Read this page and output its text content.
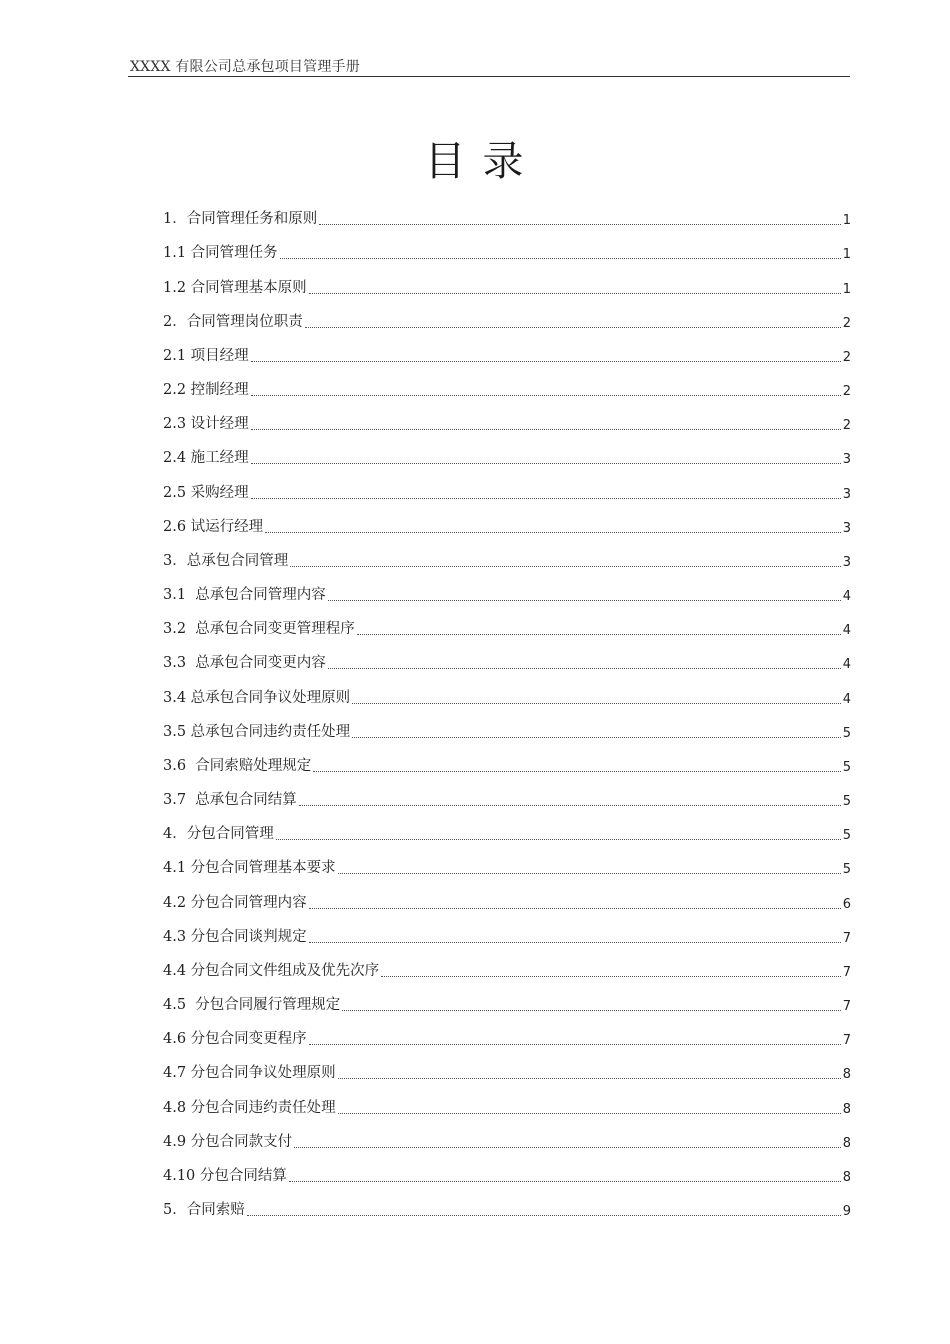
XXXX 有限公司总承包项目管理手册
目 录
1．合同管理任务和原则	1
1.1 合同管理任务	1
1.2 合同管理基本原则	1
2．合同管理岗位职责	2
2.1 项目经理	2
2.2 控制经理	2
2.3 设计经理	2
2.4 施工经理	3
2.5 采购经理	3
2.6 试运行经理	3
3．总承包合同管理	3
3.1  总承包合同管理内容	4
3.2  总承包合同变更管理程序	4
3.3  总承包合同变更内容	4
3.4 总承包合同争议处理原则	4
3.5 总承包合同违约责任处理	5
3.6  合同索赔处理规定	5
3.7  总承包合同结算	5
4．分包合同管理	5
4.1 分包合同管理基本要求	5
4.2 分包合同管理内容	6
4.3 分包合同谈判规定	7
4.4 分包合同文件组成及优先次序	7
4.5  分包合同履行管理规定	7
4.6 分包合同变更程序	7
4.7 分包合同争议处理原则	8
4.8 分包合同违约责任处理	8
4.9 分包合同款支付	8
4.10 分包合同结算	8
5．合同索赔	9
